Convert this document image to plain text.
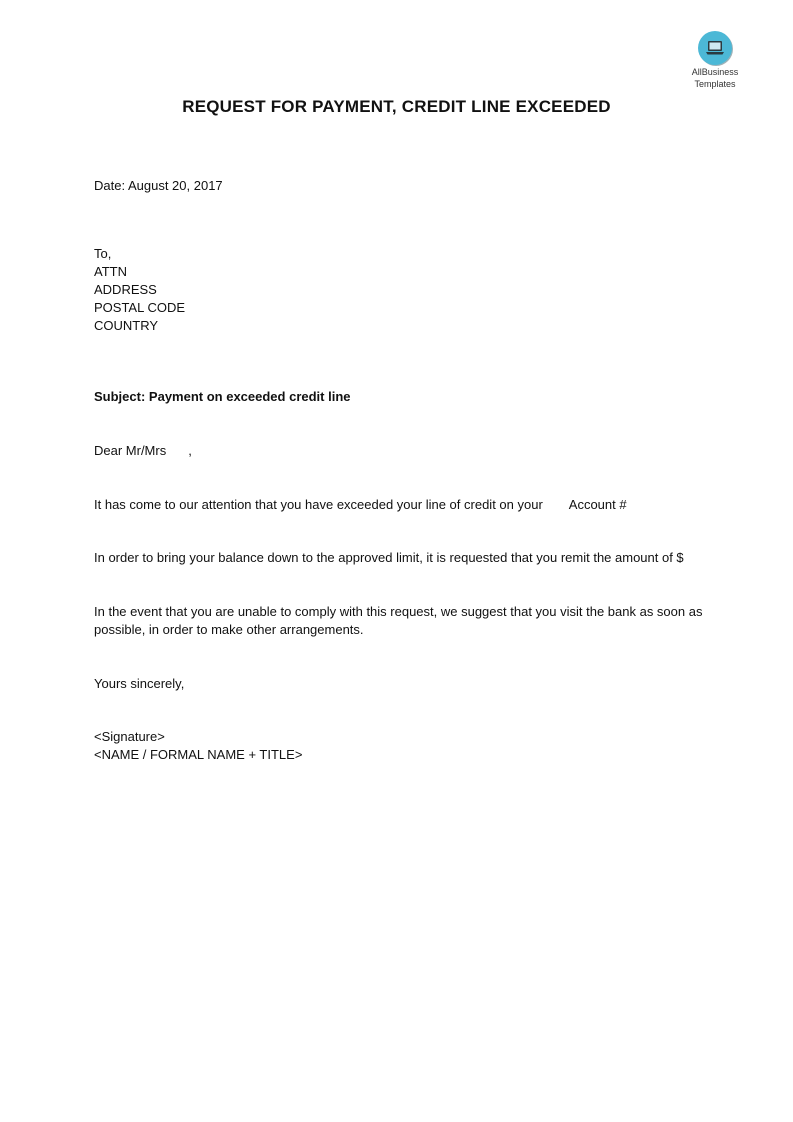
AllBusiness
Templates
REQUEST FOR PAYMENT, CREDIT LINE EXCEEDED

Date: August 20, 2017

To,

ATTN

ADDRESS

POSTAL CODE

COUNTRY

Subject: Payment on exceeded credit line

Dear Mr/Mrs ,

It has come to our attention that you have exceeded your line of credit on your Account #

In order to bring your balance down to the approved limit, it is requested that you remit the amount of $

In the event that you are unable to comply with this request, we suggest that you visit the bank as soon as possible, in order to make other arrangements.

Yours sincerely,

<Signature>

<NAME / FORMAL NAME + TITLE>
